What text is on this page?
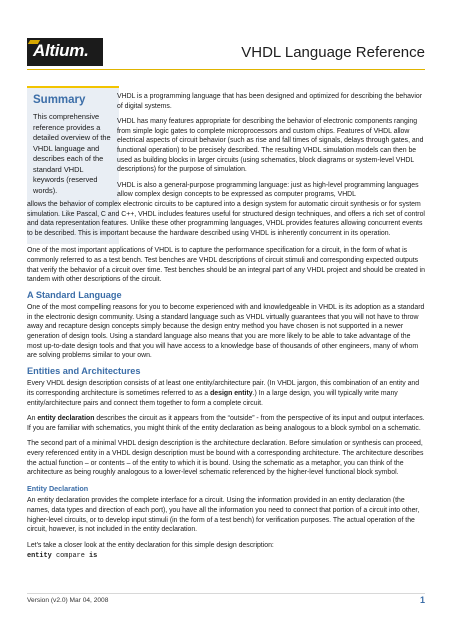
Altium.	VHDL Language Reference
Summary

This comprehensive reference provides a detailed overview of the VHDL language and describes each of the standard VHDL keywords (reserved words).

VHDL is a programming language that has been designed and optimized for describing the behavior of digital systems.

VHDL has many features appropriate for describing the behavior of electronic components ranging from simple logic gates to complete microprocessors and custom chips. Features of VHDL allow electrical aspects of circuit behavior (such as rise and fall times of signals, delays through gates, and functional operation) to be precisely described. The resulting VHDL simulation models can then be used as building blocks in larger circuits (using schematics, block diagrams or system-level VHDL descriptions) for the purpose of simulation.

VHDL is also a general-purpose programming language: just as high-level programming languages allow complex design concepts to be expressed as computer programs, VHDL

allows the behavior of complex electronic circuits to be captured into a design system for automatic circuit synthesis or for system simulation. Like Pascal, C and C++, VHDL includes features useful for structured design techniques, and offers a rich set of control and data representation features. Unlike these other programming languages, VHDL provides features allowing concurrent events to be described. This is important because the hardware described using VHDL is inherently concurrent in its operation.

One of the most important applications of VHDL is to capture the performance specification for a circuit, in the form of what is commonly referred to as a test bench. Test benches are VHDL descriptions of circuit stimuli and corresponding expected outputs that verify the behavior of a circuit over time. Test benches should be an integral part of any VHDL project and should be created in tandem with other descriptions of the circuit.

A Standard Language

One of the most compelling reasons for you to become experienced with and knowledgeable in VHDL is its adoption as a standard in the electronic design community. Using a standard language such as VHDL virtually guarantees that you will not have to throw away and recapture design concepts simply because the design entry method you have chosen is not supported in a newer generation of design tools. Using a standard language also means that you are more likely to be able to take advantage of the most up-to-date design tools and that you will have access to a knowledge base of thousands of other engineers, many of whom are solving problems similar to your own.

Entities and Architectures

Every VHDL design description consists of at least one entity/architecture pair. (In VHDL jargon, this combination of an entity and its corresponding architecture is sometimes referred to as a design entity.) In a large design, you will typically write many entity/architecture pairs and connect them together to form a complete circuit.

An entity declaration describes the circuit as it appears from the “outside” - from the perspective of its input and output interfaces. If you are familiar with schematics, you might think of the entity declaration as being analogous to a block symbol on a schematic.

The second part of a minimal VHDL design description is the architecture declaration. Before simulation or synthesis can proceed, every referenced entity in a VHDL design description must be bound with a corresponding architecture. The architecture describes the actual function – or contents – of the entity to which it is bound. Using the schematic as a metaphor, you can think of the architecture as being roughly analogous to a lower-level schematic referenced by the higher-level functional block symbol.

Entity Declaration

An entity declaration provides the complete interface for a circuit. Using the information provided in an entity declaration (the names, data types and direction of each port), you have all the information you need to connect that portion of a circuit into other, higher-level circuits, or to develop input stimuli (in the form of a test bench) for verification purposes. The actual operation of the circuit, however, is not included in the entity declaration.

Let's take a closer look at the entity declaration for this simple design description:

entity compare is
Version (v2.0) Mar 04, 2008	1
